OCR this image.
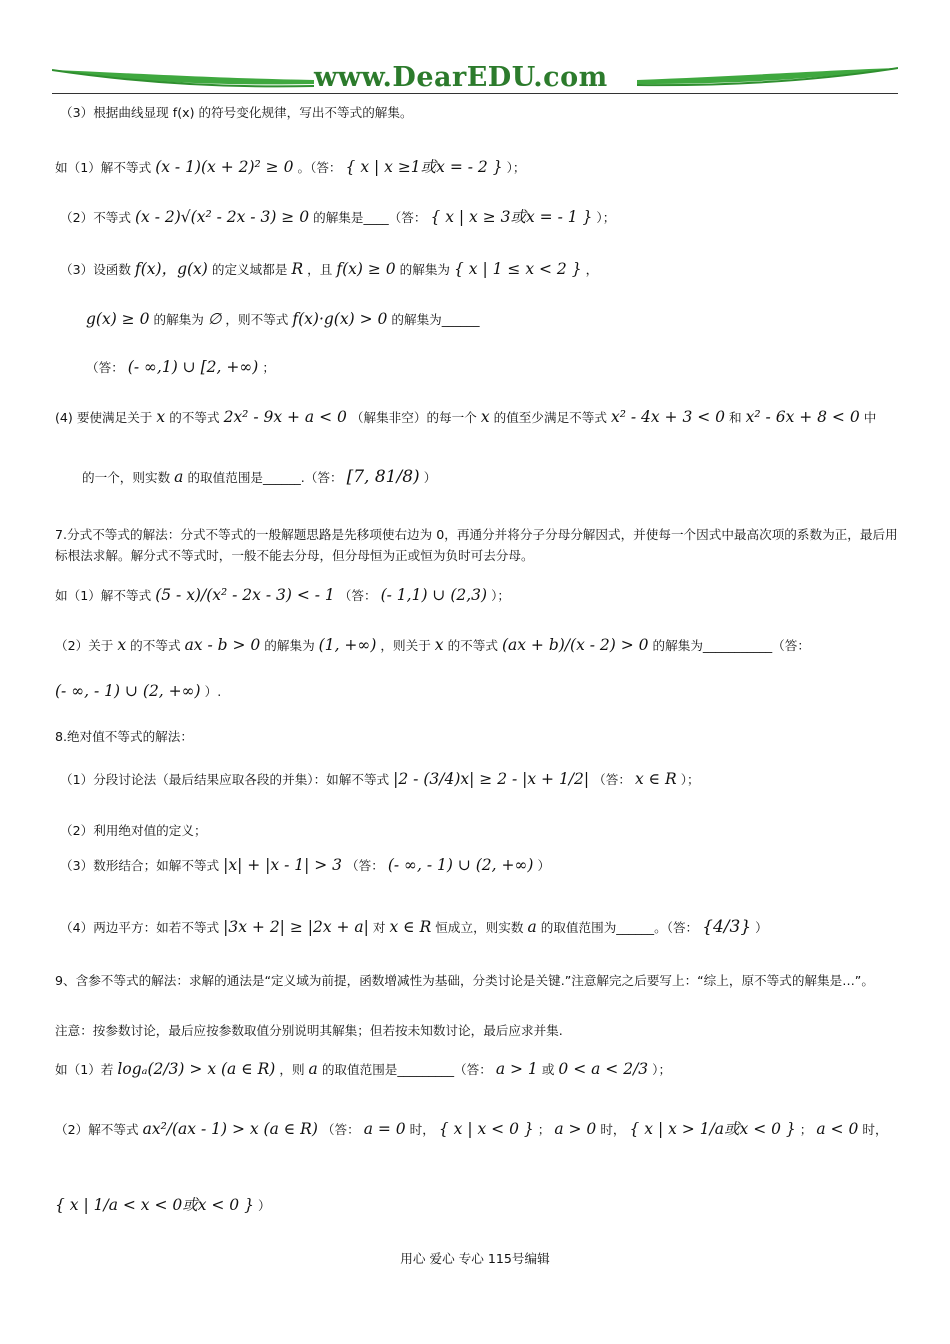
www.DearEDU.com
（3）根据曲线显现 f(x) 的符号变化规律，写出不等式的解集。
如（1）解不等式 (x - 1)(x + 2)² ≥ 0 。（答： { x | x ≥1或x = - 2 } ）；
（2）不等式 (x - 2)√(x² - 2x - 3) ≥ 0 的解集是____（答： { x | x ≥ 3或x = - 1 } ）；
（3）设函数 f(x)，g(x) 的定义域都是 R ，且 f(x) ≥ 0 的解集为 { x | 1 ≤ x < 2 } ，
g(x) ≥ 0 的解集为 ∅ ，则不等式 f(x)·g(x) > 0 的解集为______
（答： (- ∞,1) ∪ [2, +∞) ；
(4) 要使满足关于 x 的不等式 2x² - 9x + a < 0 （解集非空）的每一个 x 的值至少满足不等式 x² - 4x + 3 < 0 和 x² - 6x + 8 < 0 中
的一个，则实数 a 的取值范围是______.（答： [7, 81/8) ）
7.分式不等式的解法：分式不等式的一般解题思路是先移项使右边为 0，再通分并将分子分母分解因式，并使每一个因式中最高次项的系数为正，最后用标根法求解。解分式不等式时，一般不能去分母，但分母恒为正或恒为负时可去分母。
如（1）解不等式 (5 - x)/(x² - 2x - 3) < - 1 （答： (- 1,1) ∪ (2,3) ）；
（2）关于 x 的不等式 ax - b > 0 的解集为 (1, +∞) ，则关于 x 的不等式 (ax + b)/(x - 2) > 0 的解集为___________（答：
(- ∞, - 1) ∪ (2, +∞) ）.
8.绝对值不等式的解法：
（1）分段讨论法（最后结果应取各段的并集）：如解不等式 |2 - (3/4)x| ≥ 2 - |x + 1/2| （答： x ∈ R ）；
（2）利用绝对值的定义；
（3）数形结合；如解不等式 |x| + |x - 1| > 3 （答： (- ∞, - 1) ∪ (2, +∞) ）
（4）两边平方：如若不等式 |3x + 2| ≥ |2x + a| 对 x ∈ R 恒成立，则实数 a 的取值范围为______。（答： {4/3} ）
9、含参不等式的解法：求解的通法是“定义域为前提，函数增减性为基础，分类讨论是关键.”注意解完之后要写上：“综上，原不等式的解集是…”。
注意：按参数讨论，最后应按参数取值分别说明其解集；但若按未知数讨论，最后应求并集.
如（1）若 logₐ(2/3) > x (a ∈ R) ，则 a 的取值范围是_________（答： a > 1 或 0 < a < 2/3 ）；
（2）解不等式 ax²/(ax - 1) > x (a ∈ R) （答： a = 0 时， { x | x < 0 } ； a > 0 时， { x | x > 1/a或x < 0 } ； a < 0 时，
{ x | 1/a < x < 0或x < 0 } ）
用心 爱心 专心 115号编辑
